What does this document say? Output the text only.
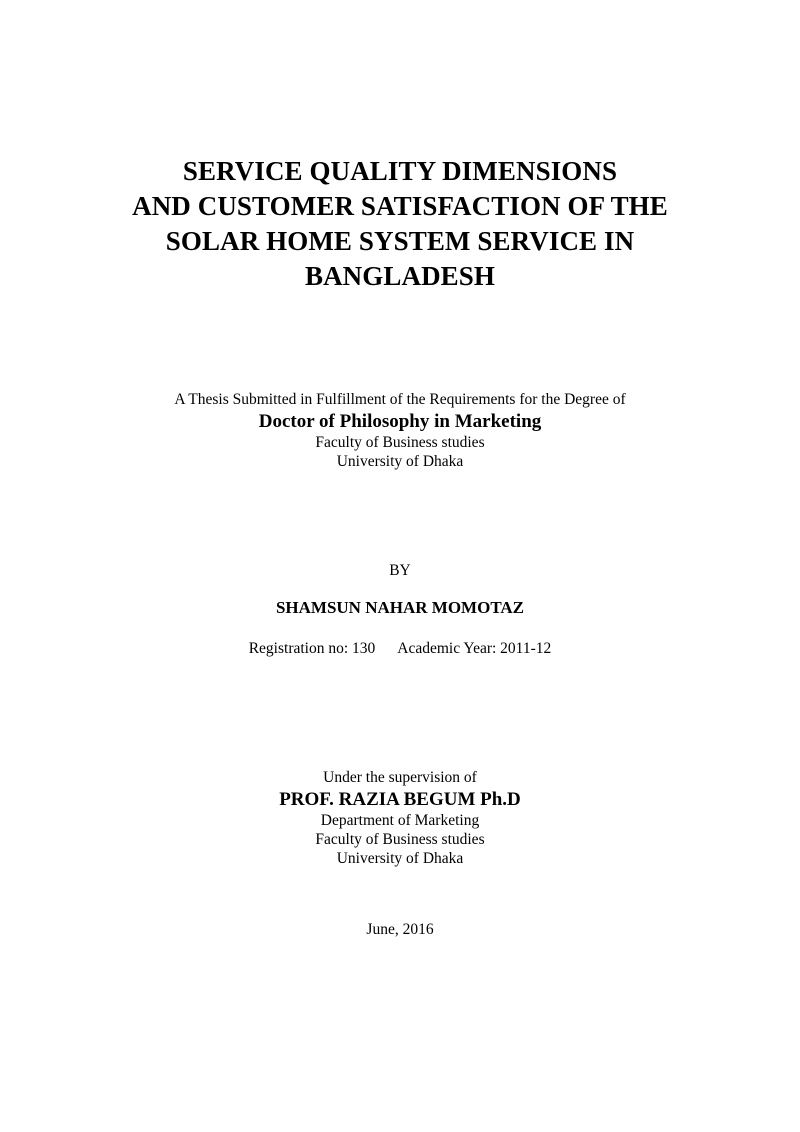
SERVICE QUALITY DIMENSIONS
AND CUSTOMER SATISFACTION OF THE
SOLAR HOME SYSTEM SERVICE IN
BANGLADESH

A Thesis Submitted in Fulfillment of the Requirements for the Degree of

Doctor of Philosophy in Marketing

Faculty of Business studies

University of Dhaka

BY

SHAMSUN NAHAR MOMOTAZ

Registration no: 130 Academic Year: 2011-12

Under the supervision of

PROF. RAZIA BEGUM Ph.D

Department of Marketing

Faculty of Business studies

University of Dhaka

June, 2016
